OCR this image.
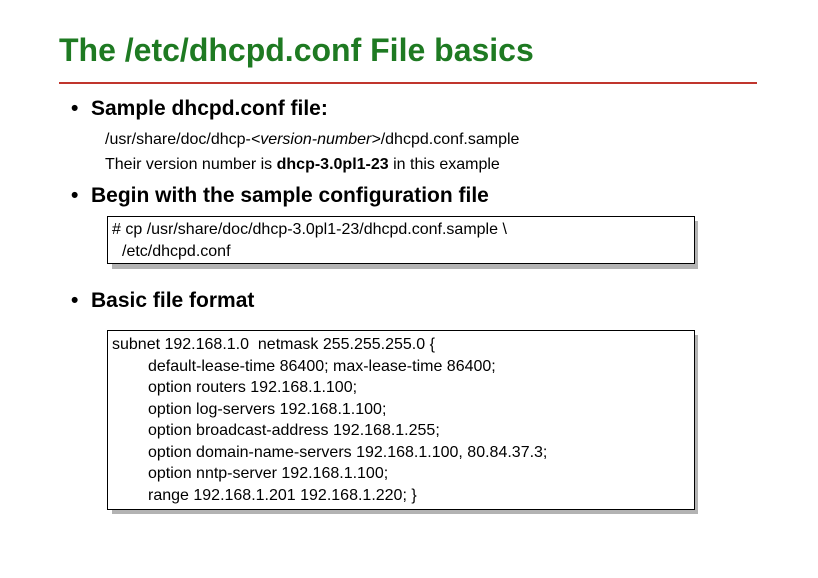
The /etc/dhcpd.conf File basics
• Sample dhcpd.conf file:
/usr/share/doc/dhcp-<version-number>/dhcpd.conf.sample
Their version number is dhcp-3.0pl1-23 in this example
• Begin with the sample configuration file
# cp /usr/share/doc/dhcp-3.0pl1-23/dhcpd.conf.sample \
/etc/dhcpd.conf
• Basic file format
subnet 192.168.1.0  netmask 255.255.255.0 {
default-lease-time 86400; max-lease-time 86400;
option routers 192.168.1.100;
option log-servers 192.168.1.100;
option broadcast-address 192.168.1.255;
option domain-name-servers 192.168.1.100, 80.84.37.3;
option nntp-server 192.168.1.100;
range 192.168.1.201 192.168.1.220; }
